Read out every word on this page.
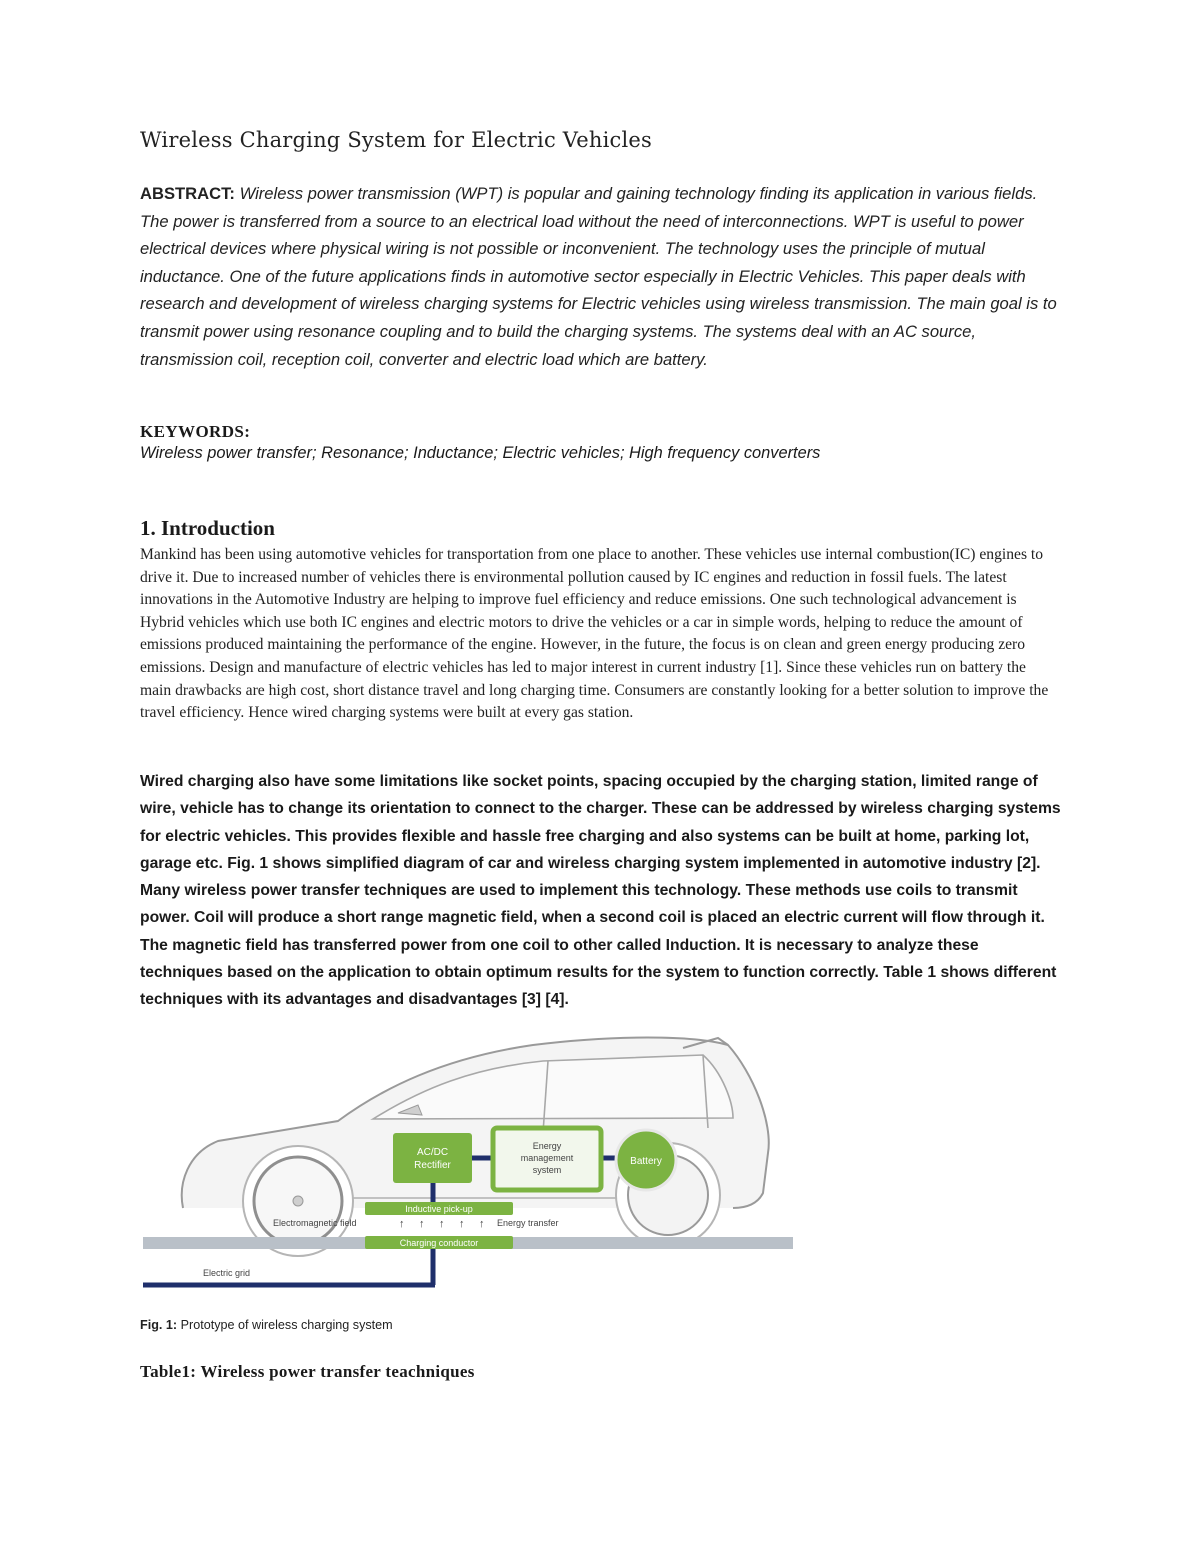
Wireless Charging System for Electric Vehicles
ABSTRACT: Wireless power transmission (WPT) is popular and gaining technology finding its application in various fields. The power is transferred from a source to an electrical load without the need of interconnections. WPT is useful to power electrical devices where physical wiring is not possible or inconvenient. The technology uses the principle of mutual inductance. One of the future applications finds in automotive sector especially in Electric Vehicles. This paper deals with research and development of wireless charging systems for Electric vehicles using wireless transmission. The main goal is to transmit power using resonance coupling and to build the charging systems. The systems deal with an AC source, transmission coil, reception coil, converter and electric load which are battery.
KEYWORDS:
Wireless power transfer; Resonance; Inductance; Electric vehicles; High frequency converters
1. Introduction
Mankind has been using automotive vehicles for transportation from one place to another. These vehicles use internal combustion(IC) engines to drive it. Due to increased number of vehicles there is environmental pollution caused by IC engines and reduction in fossil fuels. The latest innovations in the Automotive Industry are helping to improve fuel efficiency and reduce emissions. One such technological advancement is Hybrid vehicles which use both IC engines and electric motors to drive the vehicles or a car in simple words, helping to reduce the amount of emissions produced maintaining the performance of the engine. However, in the future, the focus is on clean and green energy producing zero emissions. Design and manufacture of electric vehicles has led to major interest in current industry [1]. Since these vehicles run on battery the main drawbacks are high cost, short distance travel and long charging time. Consumers are constantly looking for a better solution to improve the travel efficiency. Hence wired charging systems were built at every gas station.
Wired charging also have some limitations like socket points, spacing occupied by the charging station, limited range of wire, vehicle has to change its orientation to connect to the charger. These can be addressed by wireless charging systems for electric vehicles. This provides flexible and hassle free charging and also systems can be built at home, parking lot, garage etc. Fig. 1 shows simplified diagram of car and wireless charging system implemented in automotive industry [2]. Many wireless power transfer techniques are used to implement this technology. These methods use coils to transmit power. Coil will produce a short range magnetic field, when a second coil is placed an electric current will flow through it. The magnetic field has transferred power from one coil to other called Induction. It is necessary to analyze these techniques based on the application to obtain optimum results for the system to function correctly. Table 1 shows different techniques with its advantages and disadvantages [3] [4].
AC/DC
Rectifier
Energy
management
system
Battery
Inductive pick-up
Electromagnetic field	↑ ↑ ↑ ↑ ↑ Energy transfer
Charging conductor
Electric grid
Fig. 1: Prototype of wireless charging system
Table1: Wireless power transfer teachniques
